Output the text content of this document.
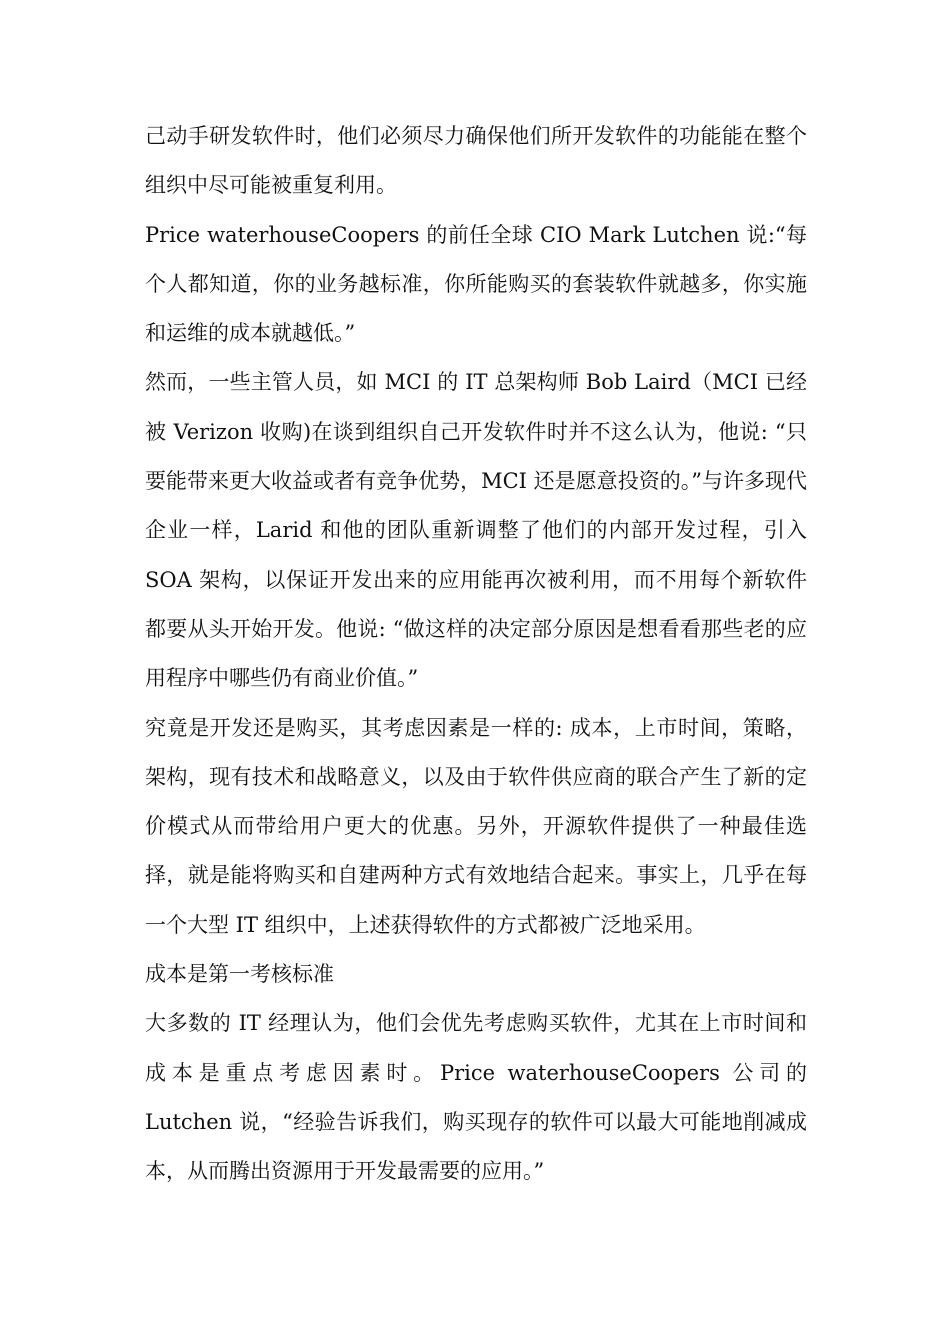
己动手研发软件时，他们必须尽力确保他们所开发软件的功能能在整个组织中尽可能被重复利用。

Price waterhouseCoopers 的前任全球 CIO Mark Lutchen 说:“每个人都知道，你的业务越标准，你所能购买的套装软件就越多，你实施和运维的成本就越低。”

然而，一些主管人员，如 MCI 的 IT 总架构师 Bob Laird（MCI 已经被 Verizon 收购)在谈到组织自己开发软件时并不这么认为，他说: “只要能带来更大收益或者有竞争优势，MCI 还是愿意投资的。”与许多现代企业一样，Larid 和他的团队重新调整了他们的内部开发过程，引入 SOA 架构，以保证开发出来的应用能再次被利用，而不用每个新软件都要从头开始开发。他说: “做这样的决定部分原因是想看看那些老的应用程序中哪些仍有商业价值。”

究竟是开发还是购买，其考虑因素是一样的: 成本，上市时间，策略，架构，现有技术和战略意义，以及由于软件供应商的联合产生了新的定价模式从而带给用户更大的优惠。另外，开源软件提供了一种最佳选择，就是能将购买和自建两种方式有效地结合起来。事实上，几乎在每一个大型 IT 组织中，上述获得软件的方式都被广泛地采用。

成本是第一考核标准

大多数的 IT 经理认为，他们会优先考虑购买软件，尤其在上市时间和成本是重点考虑因素时。Price waterhouseCoopers 公司的 Lutchen 说，“经验告诉我们，购买现存的软件可以最大可能地削减成本，从而腾出资源用于开发最需要的应用。”
